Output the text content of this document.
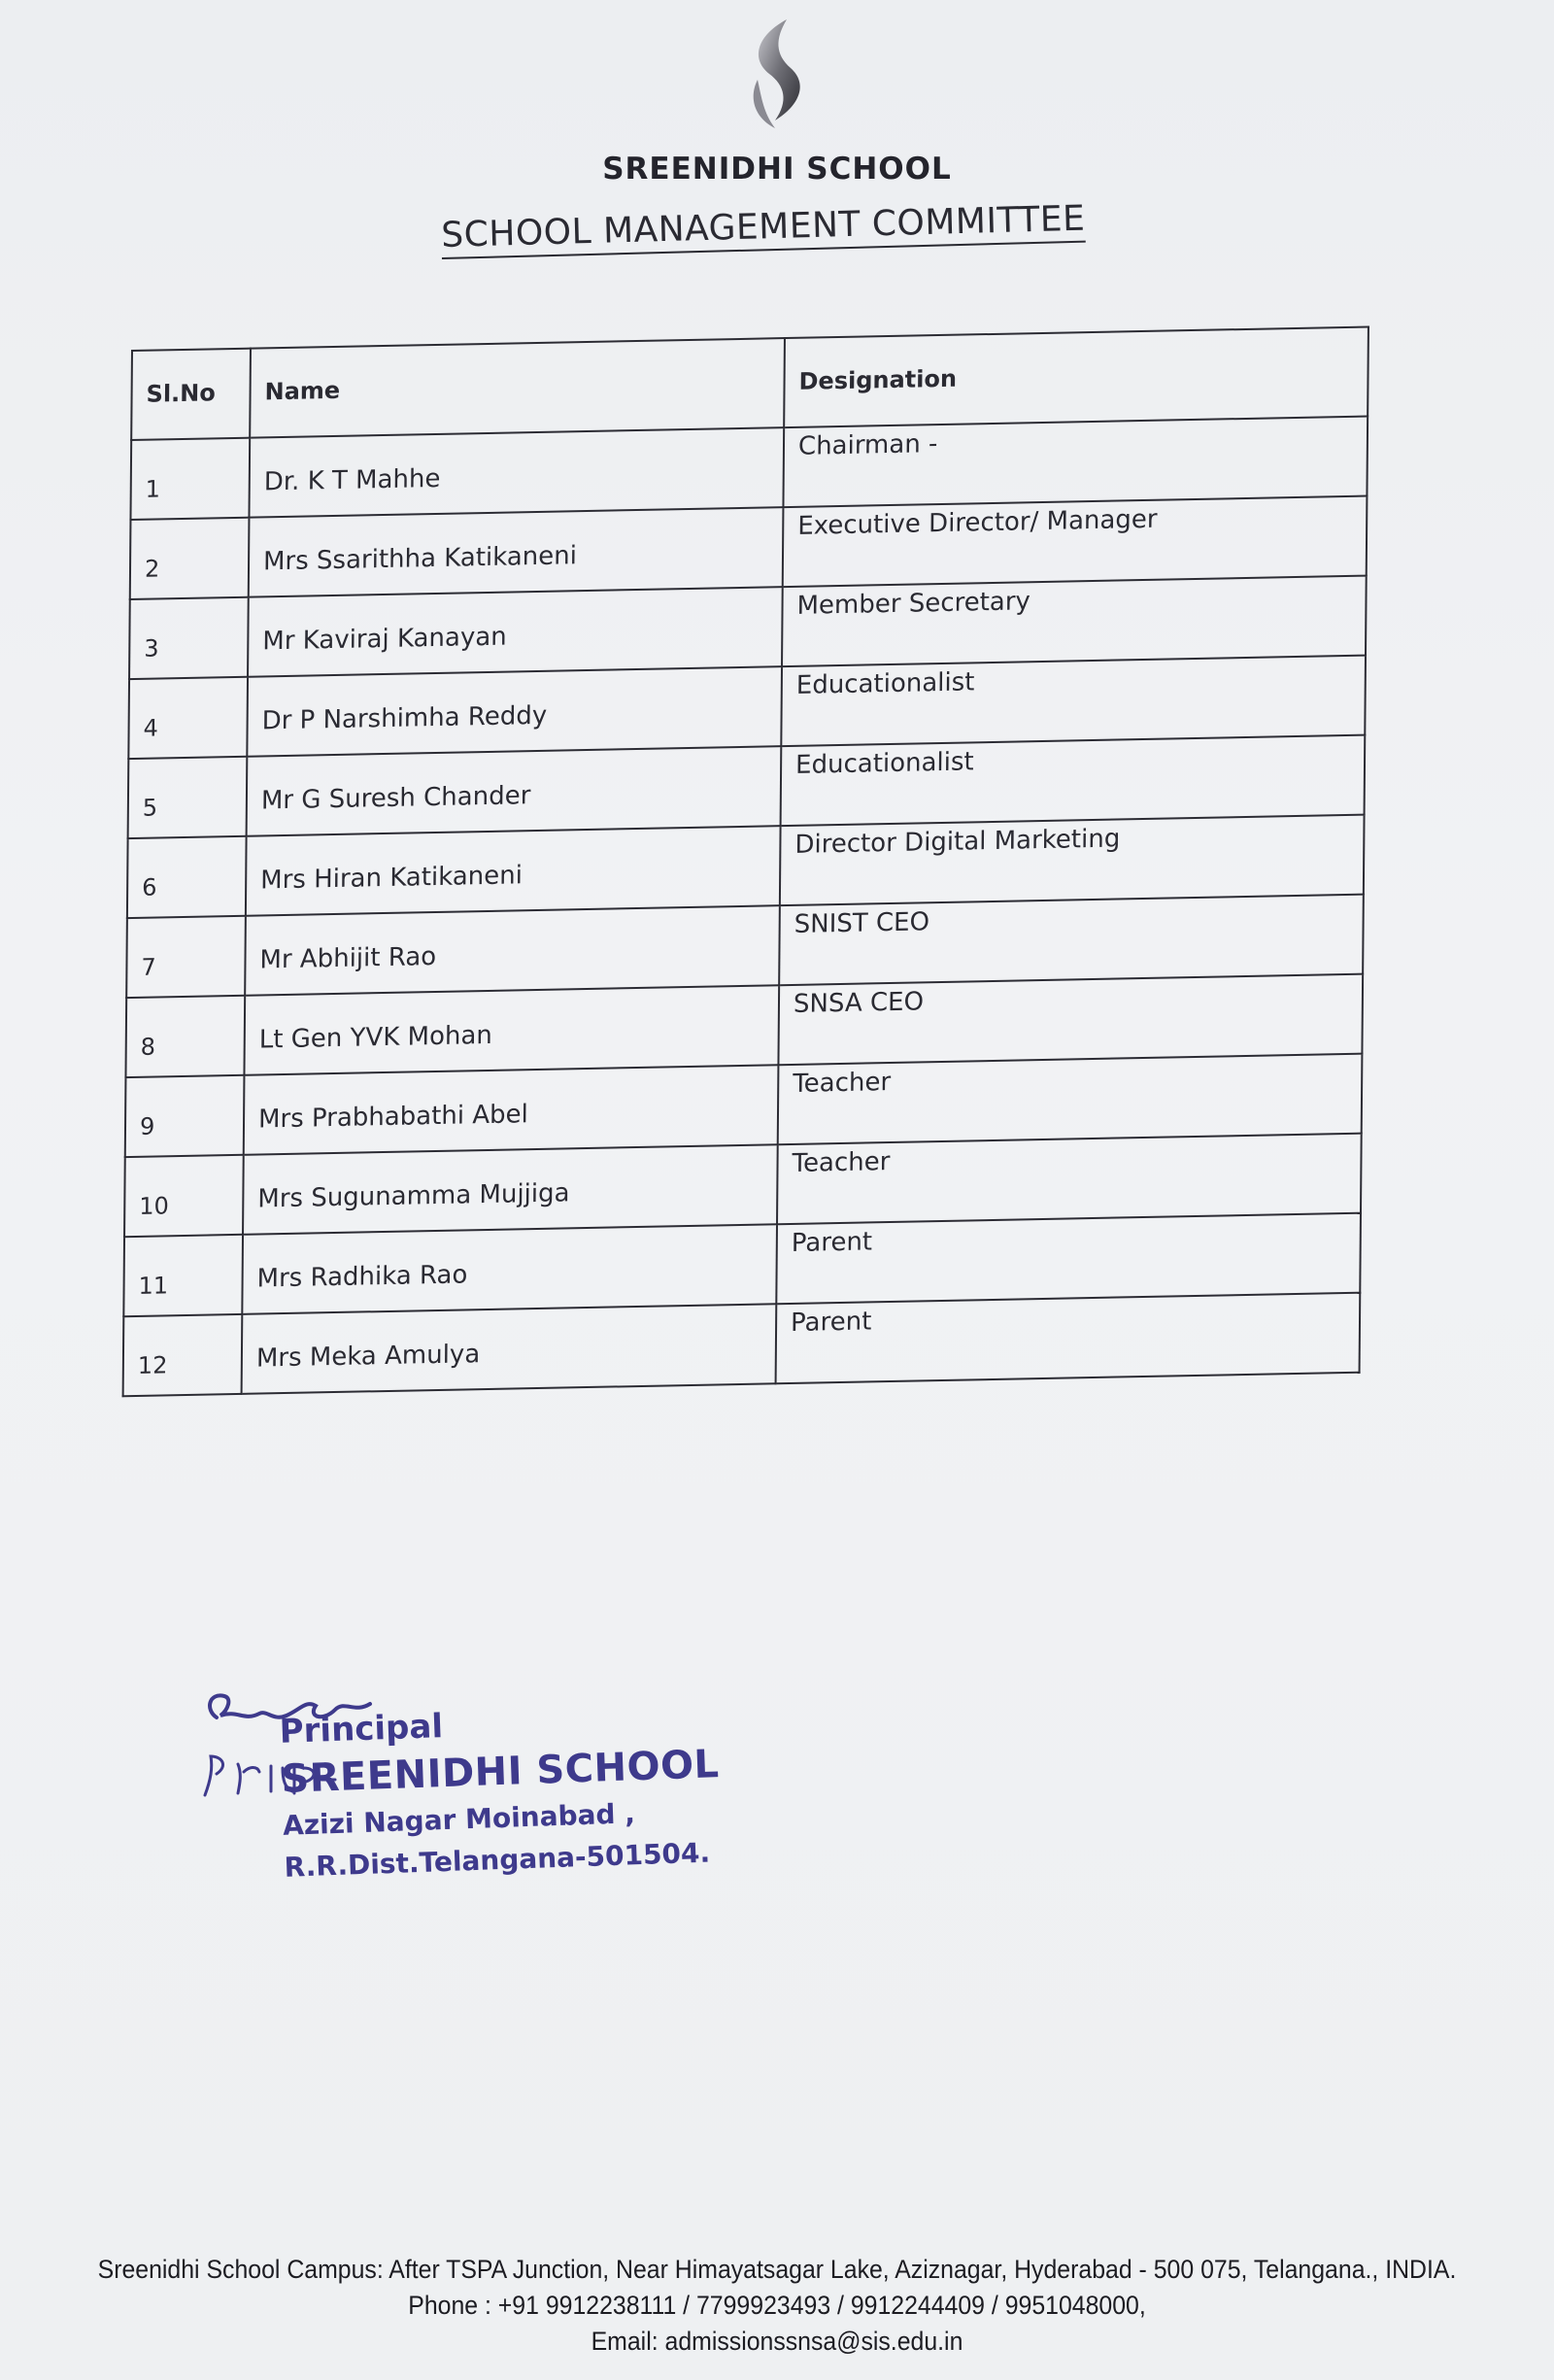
SREENIDHI SCHOOL
SCHOOL MANAGEMENT COMMITTEE
Sl.No	Name	Designation
1	Dr. K T Mahhe	Chairman -
2	Mrs Ssarithha Katikaneni	Executive Director/ Manager
3	Mr Kaviraj Kanayan	Member Secretary
4	Dr P Narshimha Reddy	Educationalist
5	Mr G Suresh Chander	Educationalist
6	Mrs Hiran Katikaneni	Director Digital Marketing
7	Mr Abhijit Rao	SNIST CEO
8	Lt Gen YVK Mohan	SNSA CEO
9	Mrs Prabhabathi Abel	Teacher
10	Mrs Sugunamma Mujjiga	Teacher
11	Mrs Radhika Rao	Parent
12	Mrs Meka Amulya	Parent
Principal
SREENIDHI SCHOOL
Azizi Nagar Moinabad ,
R.R.Dist.Telangana-501504.
Sreenidhi School Campus: After TSPA Junction, Near Himayatsagar Lake, Aziznagar, Hyderabad - 500 075, Telangana., INDIA.
Phone : +91 9912238111 / 7799923493 / 9912244409 / 9951048000,
Email: admissionssnsa@sis.edu.in
